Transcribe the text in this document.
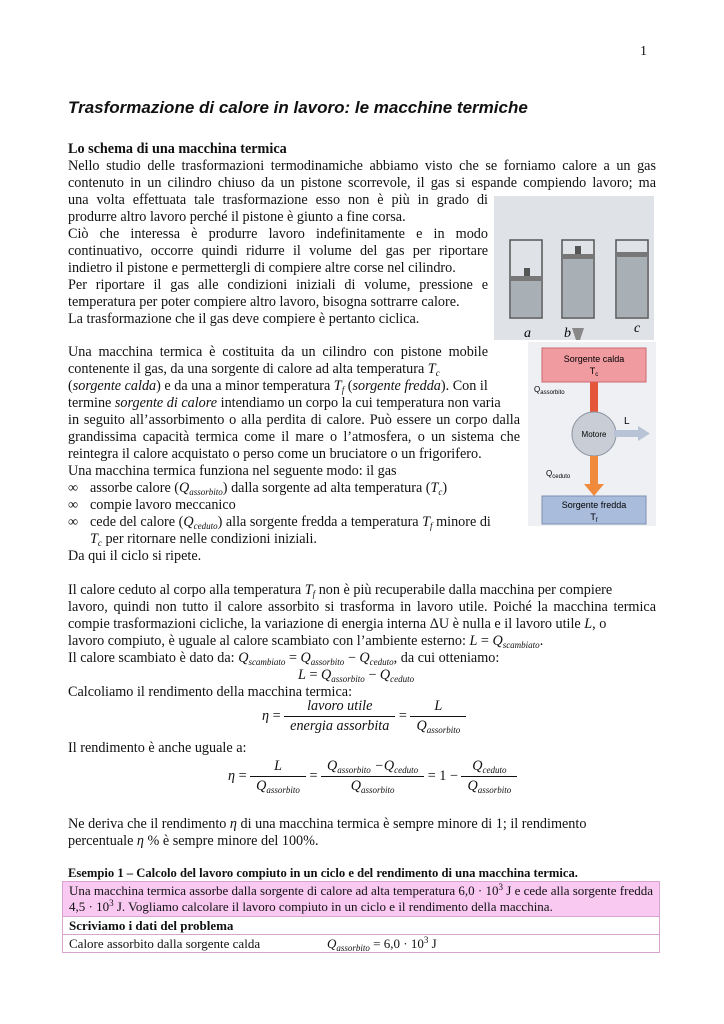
1
Trasformazione di calore in lavoro: le macchine termiche
Lo schema di una macchina termica
Nello studio delle trasformazioni termodinamiche abbiamo visto che se forniamo calore a un gas
contenuto in un cilindro chiuso da un pistone scorrevole, il gas si espande compiendo lavoro; ma
una volta effettuata tale trasformazione esso non è più in grado di
produrre altro lavoro perché il pistone è giunto a fine corsa.
Ciò che interessa è produrre lavoro indefinitamente e in modo
continuativo, occorre quindi ridurre il volume del gas per riportare
indietro il pistone e permettergli di compiere altre corse nel cilindro.
Per riportare il gas alle condizioni iniziali di volume, pressione e
temperatura per poter compiere altro lavoro, bisogna sottrarre calore.
La trasformazione che il gas deve compiere è pertanto ciclica.
a b	c
Sorgente calda
$T_c$
$Q_{assorbito}$
Motore
L
$Q_{ceduto}$
Sorgente fredda
$T_f$
Una macchina termica è costituita da un cilindro con pistone mobile
contenente il gas, da una sorgente di calore ad alta temperatura $T_c$
(sorgente calda) e da una a minor temperatura $T_f$ (sorgente fredda). Con il
termine sorgente di calore intendiamo un corpo la cui temperatura non varia
in seguito all’assorbimento o alla perdita di calore. Può essere un corpo dalla
grandissima capacità termica come il mare o l’atmosfera, o un sistema che
reintegra il calore acquistato o perso come un bruciatore o un frigorifero.
Una macchina termica funziona nel seguente modo: il gas
∞ assorbe calore $(Q_{assorbito})$ dalla sorgente ad alta temperatura $(T_c)$
∞ compie lavoro meccanico
∞ cede del calore $(Q_{ceduto})$ alla sorgente fredda a temperatura $T_f$ minore di
$T_c$ per ritornare nelle condizioni iniziali.
Da qui il ciclo si ripete.
Il calore ceduto al corpo alla temperatura $T_f$ non è più recuperabile dalla macchina per compiere
lavoro, quindi non tutto il calore assorbito si trasforma in lavoro utile. Poiché la macchina termica
compie trasformazioni cicliche, la variazione di energia interna ΔU è nulla e il lavoro utile L, o
lavoro compiuto, è uguale al calore scambiato con l’ambiente esterno: $L = Q_{scambiato}$.
Il calore scambiato è dato da: $Q_{scambiato} = Q_{assorbito} - Q_{ceduto}$, da cui otteniamo:
$L = Q_{assorbito} - Q_{ceduto}$
Calcoliamo il rendimento della macchina termica:
$\eta = \frac{\text{lavoro utile}}{\text{energia assorbita}} = \frac{L}{Q_{assorbito}}$
Il rendimento è anche uguale a:
$\eta = \frac{L}{Q_{assorbito}} = \frac{Q_{assorbito} -Q_{ceduto}}{Q_{assorbito}} = 1 - \frac{Q_{ceduto}}{Q_{assorbito}}$
Ne deriva che il rendimento η di una macchina termica è sempre minore di 1; il rendimento
percentuale η % è sempre minore del 100%.
Esempio 1 – Calcolo del lavoro compiuto in un ciclo e del rendimento di una macchina termica.
Una macchina termica assorbe dalla sorgente di calore ad alta temperatura $6,0 \cdot 10^3$ J e cede alla sorgente fredda $4,5 \cdot 10^3$ J. Vogliamo calcolare il lavoro compiuto in un ciclo e il rendimento della macchina.
Scriviamo i dati del problema
Calore assorbito dalla sorgente calda	$Q_{assorbito} = 6,0 \cdot 10^3$ J
